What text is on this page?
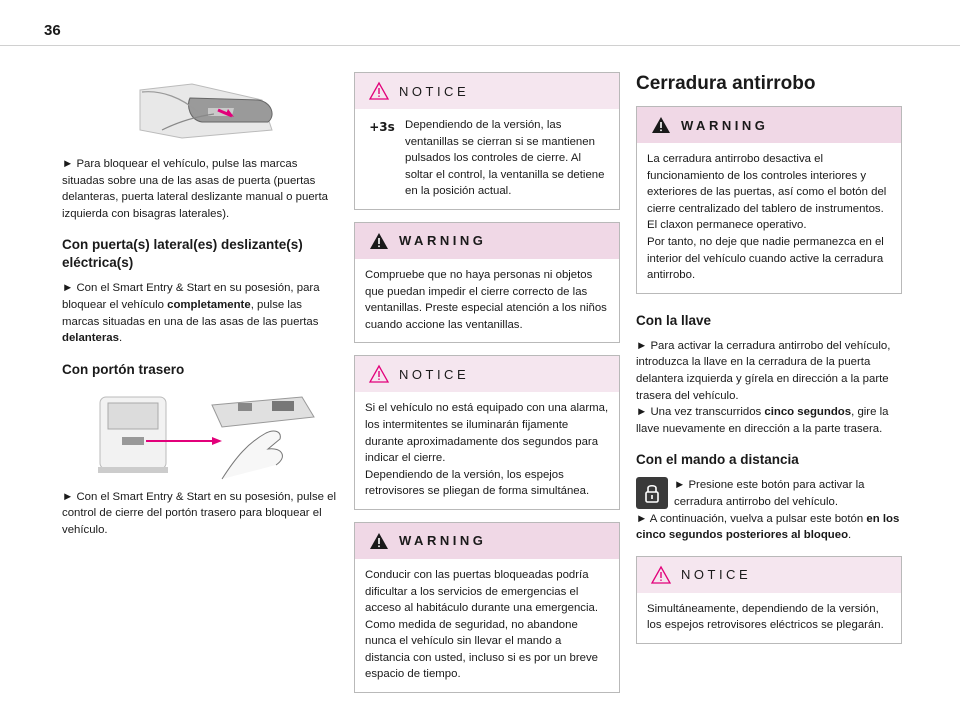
36

► Para bloquear el vehículo, pulse las marcas situadas sobre una de las asas de puerta (puertas delanteras, puerta lateral deslizante manual o puerta izquierda con bisagras laterales).

Con puerta(s) lateral(es) deslizante(s) eléctrica(s)

► Con el Smart Entry & Start en su posesión, para bloquear el vehículo completamente, pulse las marcas situadas en una de las asas de las puertas delanteras.

Con portón trasero

► Con el Smart Entry & Start en su posesión, pulse el control de cierre del portón trasero para bloquear el vehículo.

NOTICE
+3s Dependiendo de la versión, las ventanillas se cierran si se mantienen pulsados los controles de cierre. Al soltar el control, la ventanilla se detiene en la posición actual.

WARNING

Compruebe que no haya personas ni objetos que puedan impedir el cierre correcto de las ventanillas. Preste especial atención a los niños cuando accione las ventanillas.

NOTICE

Si el vehículo no está equipado con una alarma, los intermitentes se iluminarán fijamente durante aproximadamente dos segundos para indicar el cierre.

Dependiendo de la versión, los espejos retrovisores se pliegan de forma simultánea.

WARNING

Conducir con las puertas bloqueadas podría dificultar a los servicios de emergencias el acceso al habitáculo durante una emergencia.

Como medida de seguridad, no abandone nunca el vehículo sin llevar el mando a distancia con usted, incluso si es por un breve espacio de tiempo.

Cerradura antirrobo
WARNING

La cerradura antirrobo desactiva el funcionamiento de los controles interiores y exteriores de las puertas, así como el botón del cierre centralizado del tablero de instrumentos.

El claxon permanece operativo.

Por tanto, no deje que nadie permanezca en el interior del vehículo cuando active la cerradura antirrobo.

Con la llave

► Para activar la cerradura antirrobo del vehículo, introduzca la llave en la cerradura de la puerta delantera izquierda y gírela en dirección a la parte trasera del vehículo.

► Una vez transcurridos cinco segundos, gire la llave nuevamente en dirección a la parte trasera.

Con el mando a distancia

► Presione este botón para activar la cerradura antirrobo del vehículo.

► A continuación, vuelva a pulsar este botón en los cinco segundos posteriores al bloqueo.

NOTICE

Simultáneamente, dependiendo de la versión, los espejos retrovisores eléctricos se plegarán.
